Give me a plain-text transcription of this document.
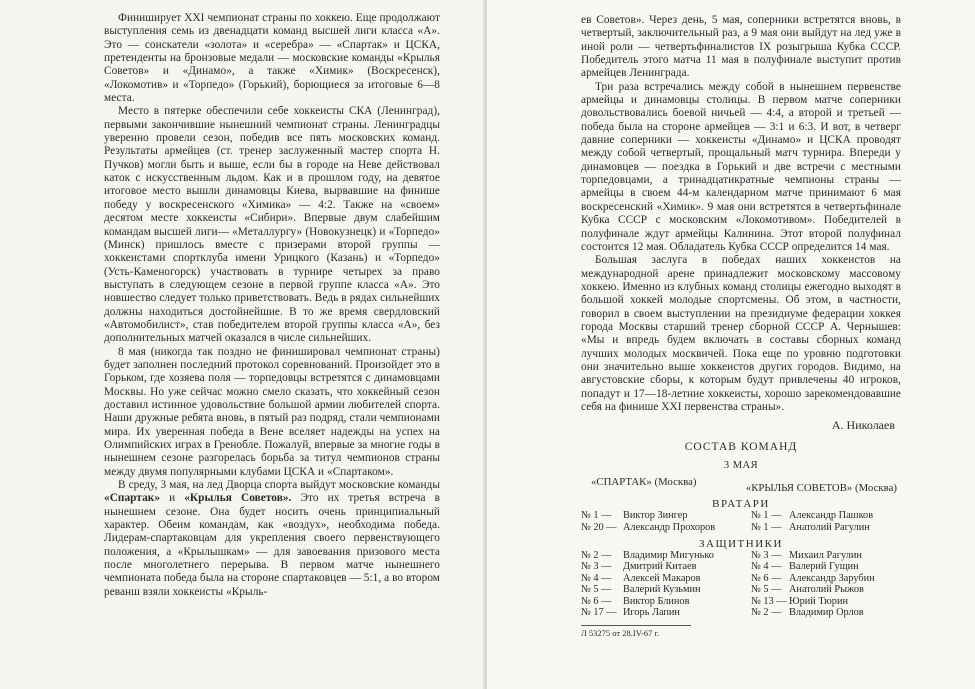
Финиширует XXI чемпионат страны по хоккею. Еще продолжают выступления семь из двенадцати команд высшей лиги класса «А». Это — соискатели «золота» и «серебра» — «Спартак» и ЦСКА, претенденты на бронзовые медали — московские команды «Крылья Советов» и «Динамо», а также «Химик» (Воскресенск), «Локомотив» и «Торпедо» (Горький), борющиеся за итоговые 6—8 места.

Место в пятерке обеспечили себе хоккеисты СКА (Ленинград), первыми закончившие нынешний чемпионат страны. Ленинградцы уверенно провели сезон, победив все пять московских команд. Результаты армейцев (ст. тренер заслуженный мастер спорта Н. Пучков) могли быть и выше, если бы в городе на Неве действовал каток с искусственным льдом. Как и в прошлом году, на девятое итоговое место вышли динамовцы Киева, вырвавшие на финише победу у воскресенского «Химика» — 4:2. Также на «своем» десятом месте хоккеисты «Сибири». Впервые двум слабейшим командам высшей лиги— «Металлургу» (Новокузнецк) и «Торпедо» (Минск) пришлось вместе с призерами второй группы — хоккеистами спортклуба имени Урицкого (Казань) и «Торпедо» (Усть-Каменогорск) участвовать в турнире четырех за право выступать в следующем сезоне в первой группе класса «А». Это новшество следует только приветствовать. Ведь в рядах сильнейших должны находиться достойнейшие. В то же время свердловский «Автомобилист», став победителем второй группы класса «А», без дополнительных матчей оказался в числе сильнейших.

8 мая (никогда так поздно не финишировал чемпионат страны) будет заполнен последний протокол соревнований. Произойдет это в Горьком, где хозяева поля — торпедовцы встретятся с динамовцами Москвы. Но уже сейчас можно смело сказать, что хоккейный сезон доставил истинное удовольствие большой армии любителей спорта. Наши дружные ребята вновь, в пятый раз подряд, стали чемпионами мира. Их уверенная победа в Вене вселяет надежды на успех на Олимпийских играх в Гренобле. Пожалуй, впервые за многие годы в нынешнем сезоне разгорелась борьба за титул чемпионов страны между двумя популярными клубами ЦСКА и «Спартаком».

В среду, 3 мая, на лед Дворца спорта выйдут московские команды «Спартак» и «Крылья Советов». Это их третья встреча в нынешнем сезоне. Она будет носить очень принципиальный характер. Обеим командам, как «воздух», необходима победа. Лидерам-спартаковцам для укрепления своего первенствующего положения, а «Крылышкам» — для завоевания призового места после многолетнего перерыва. В первом матче нынешнего чемпионата победа была на стороне спартаковцев — 5:1, а во втором реванш взяли хоккеисты «Крыль-

ев Советов». Через день, 5 мая, соперники встретятся вновь, в четвертый, заключительный раз, а 9 мая они выйдут на лед уже в иной роли — четвертьфиналистов IX розыгрыша Кубка СССР. Победитель этого матча 11 мая в полуфинале выступит против армейцев Ленинграда.

Три раза встречались между собой в нынешнем первенстве армейцы и динамовцы столицы. В первом матче соперники довольствовались боевой ничьей — 4:4, а второй и третьей — победа была на стороне армейцев — 3:1 и 6:3. И вот, в четверг давние соперники — хоккеисты «Динамо» и ЦСКА проводят между собой четвертый, прощальный матч турнира. Впереди у динамовцев — поездка в Горький и две встречи с местными торпедовцами, а тринадцатикратные чемпионы страны — армейцы в своем 44-м календарном матче принимают 6 мая воскресенский «Химик». 9 мая они встретятся в четвертьфинале Кубка СССР с московским «Локомотивом». Победителей в полуфинале ждут армейцы Калинина. Этот второй полуфинал состоится 12 мая. Обладатель Кубка СССР определится 14 мая.

Большая заслуга в победах наших хоккеистов на международной арене принадлежит московскому массовому хоккею. Именно из клубных команд столицы ежегодно выходят в большой хоккей молодые спортсмены. Об этом, в частности, говорил в своем выступлении на президиуме федерации хоккея города Москвы старший тренер сборной СССР А. Чернышев: «Мы и впредь будем включать в составы сборных команд лучших молодых москвичей. Пока еще по уровню подготовки они значительно выше хоккеистов других городов. Видимо, на августовские сборы, к которым будут привлечены 40 игроков, попадут и 17—18-летние хоккеисты, хорошо зарекомендовавшие себя на финише XXI первенства страны».

А. Николаев
СОСТАВ КОМАНД
3 МАЯ
«СПАРТАК» (Москва)	«КРЫЛЬЯ СОВЕТОВ» (Москва)
ВРАТАРИ
№ 1 — Виктор Зингер
№ 20 — Александр Прохоров
№ 1 — Александр Пашков
№ 1 — Анатолий Рагулин
ЗАЩИТНИКИ
№ 2 — Владимир Мигунько
№ 3 — Дмитрий Китаев
№ 4 — Алексей Макаров
№ 5 — Валерий Кузьмин
№ 6 — Виктор Блинов
№ 17 — Игорь Лапин
Л 53275 от 28.IV-67 г.
№ 3 — Михаил Рагулин
№ 4 — Валерий Гущин
№ 6 — Александр Зарубин
№ 5 — Анатолий Рыжов
№ 13 — Юрий Тюрин
№ 2 — Владимир Орлов
